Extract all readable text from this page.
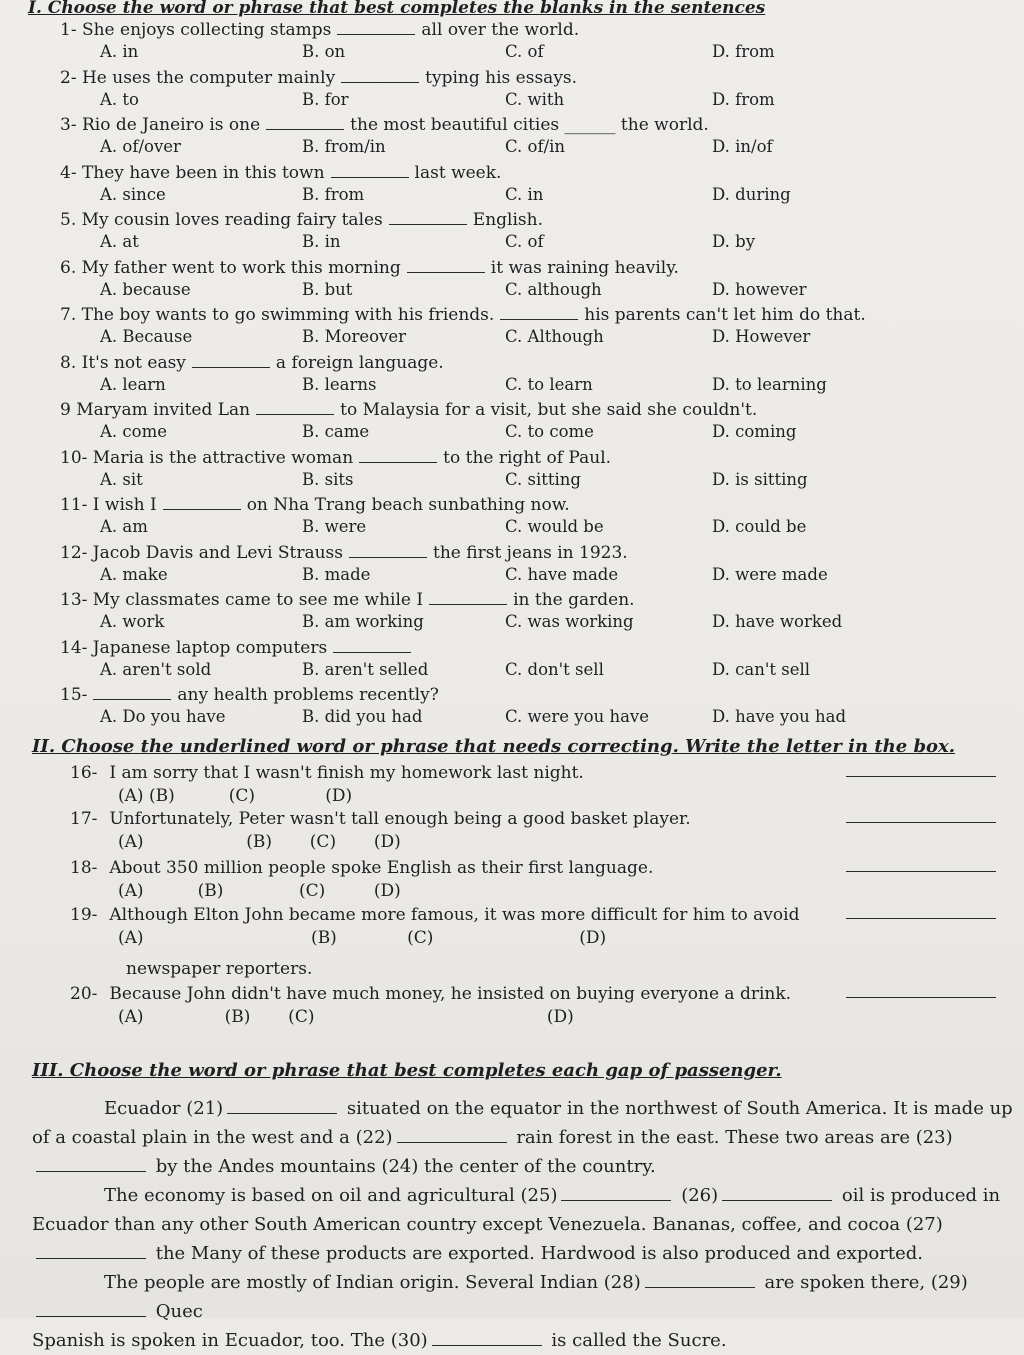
I. Choose the word or phrase that best completes the blanks in the sentences
1- She enjoys collecting stamps	all over the world.
A. in	B. on	C. of	D. from
2- He uses the computer mainly	typing his essays.
A. to	B. for	C. with	D. from
3- Rio de Janeiro is one	the most beautiful cities ______ the world.
A. of/over	B. from/in	C. of/in	D. in/of
4- They have been in this town	last week.
A. since	B. from	C. in	D. during
5. My cousin loves reading fairy tales	English.
A. at	B. in	C. of	D. by
6. My father went to work this morning	it was raining heavily.
A. because	B. but	C. although	D. however
7. The boy wants to go swimming with his friends.	his parents can't let him do that.
A. Because	B. Moreover	C. Although	D. However
8. It's not easy	a foreign language.
A. learn	B. learns	C. to learn	D. to learning
9 Maryam invited Lan	to Malaysia for a visit, but she said she couldn't.
A. come	B. came	C. to come	D. coming
10- Maria is the attractive woman	to the right of Paul.
A. sit	B. sits	C. sitting	D. is sitting
11- I wish I	on Nha Trang beach sunbathing now.
A. am	B. were	C. would be	D. could be
12- Jacob Davis and Levi Strauss	the first jeans in 1923.
A. make	B. made	C. have made	D. were made
13- My classmates came to see me while I	in the garden.
A. work	B. am working	C. was working	D. have worked
14- Japanese laptop computers
A. aren't sold	B. aren't selled	C. don't sell	D. can't sell
15-	any health problems recently?
A. Do you have	B. did you had	C. were you have	D. have you had
II. Choose the underlined word or phrase that needs correcting. Write the letter in the box.
16- I am sorry that I wasn't finish my homework last night.
(A) (B)          (C)             (D)
17- Unfortunately, Peter wasn't tall enough being a good basket player.
(A)                   (B)       (C)       (D)
18- About 350 million people spoke English as their first language.
(A)          (B)              (C)         (D)
19- Although Elton John became more famous, it was more difficult for him to avoid
(A)                               (B)             (C)                           (D)
newspaper reporters.
20- Because John didn't have much money, he insisted on buying everyone a drink.
(A)               (B)       (C)                                           (D)
III. Choose the word or phrase that best completes each gap of passenger.

Ecuador (21)	situated on the equator in the northwest of South America. It is made up of a coastal plain in the west and a (22)	rain forest in the east. These two areas are (23) by the Andes mountains (24) the center of the country.

The economy is based on oil and agricultural (25)	(26)	oil is produced in Ecuador than any other South American country except Venezuela. Bananas, coffee, and cocoa (27) the Many of these products are exported. Hardwood is also produced and exported.

The people are mostly of Indian origin. Several Indian (28)	are spoken there, (29) Quec

Spanish is spoken in Ecuador, too. The (30)	is called the Sucre.
